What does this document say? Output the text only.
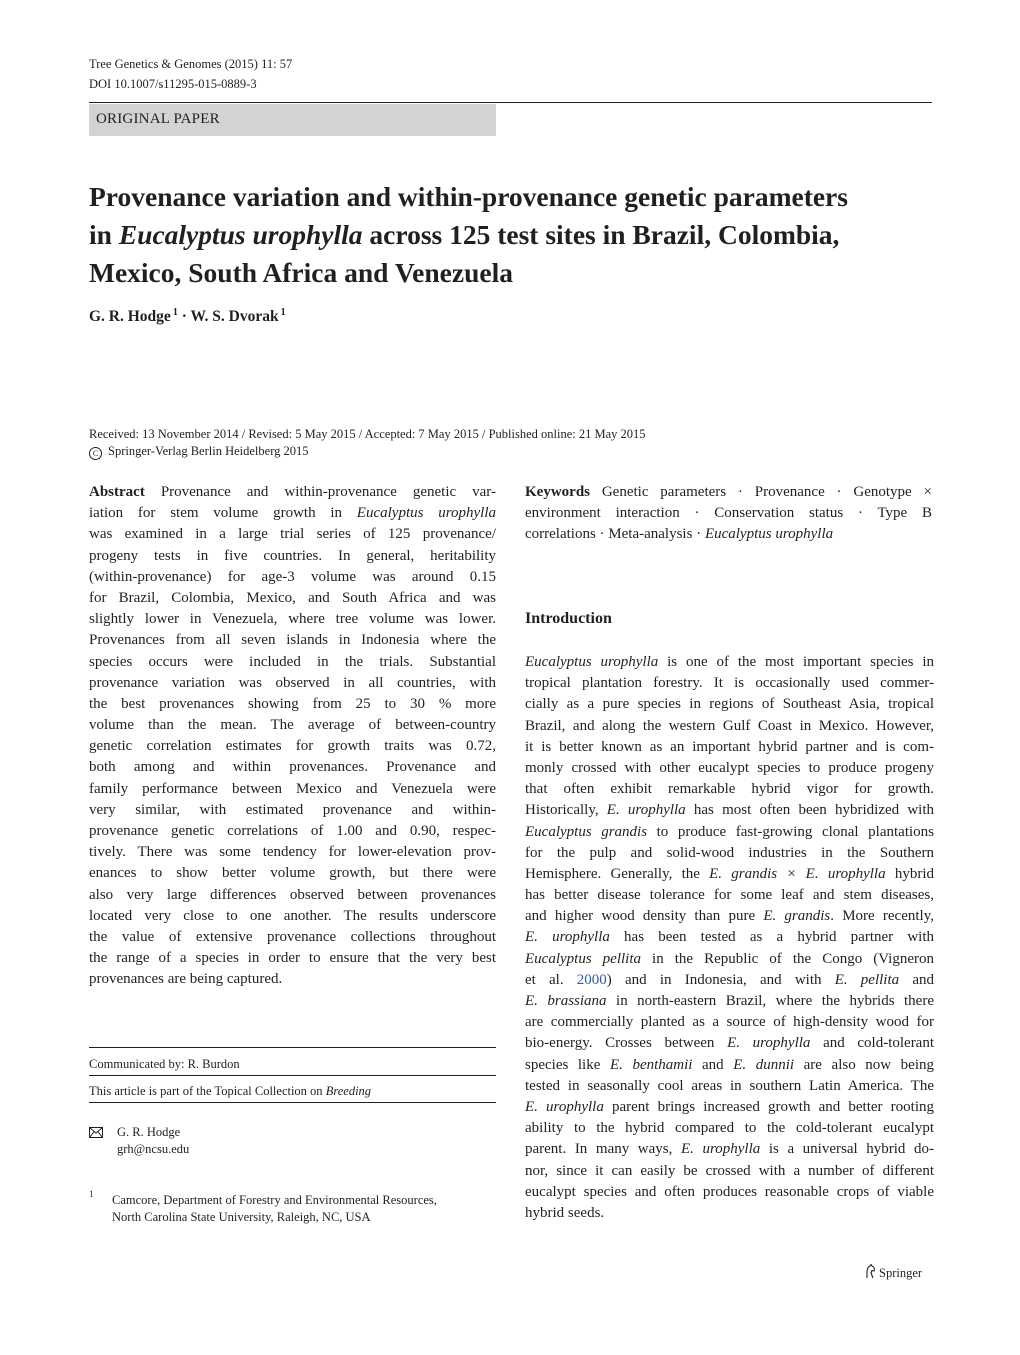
Tree Genetics & Genomes (2015) 11: 57
DOI 10.1007/s11295-015-0889-3
ORIGINAL PAPER
Provenance variation and within-provenance genetic parameters
in Eucalyptus urophylla across 125 test sites in Brazil, Colombia,
Mexico, South Africa and Venezuela
G. R. Hodge $^1$ · W. S. Dvorak $^1$
Received: 13 November 2014 / Revised: 5 May 2015 / Accepted: 7 May 2015 / Published online: 21 May 2015
C Springer-Verlag Berlin Heidelberg 2015
Abstract Provenance and within-provenance genetic var-
iation for stem volume growth in Eucalyptus urophylla
was examined in a large trial series of 125 provenance/
progeny tests in five countries. In general, heritability
(within-provenance) for age-3 volume was around 0.15
for Brazil, Colombia, Mexico, and South Africa and was
slightly lower in Venezuela, where tree volume was lower.
Provenances from all seven islands in Indonesia where the
species occurs were included in the trials. Substantial
provenance variation was observed in all countries, with
the best provenances showing from 25 to 30 % more
volume than the mean. The average of between-country
genetic correlation estimates for growth traits was 0.72,
both among and within provenances. Provenance and
family performance between Mexico and Venezuela were
very similar, with estimated provenance and within-
provenance genetic correlations of 1.00 and 0.90, respec-
tively. There was some tendency for lower-elevation prov-
enances to show better volume growth, but there were
also very large differences observed between provenances
located very close to one another. The results underscore
the value of extensive provenance collections throughout
the range of a species in order to ensure that the very best
provenances are being captured.
Keywords Genetic parameters · Provenance · Genotype ×
environment interaction · Conservation status · Type B
correlations · Meta-analysis · Eucalyptus urophylla
Introduction
Eucalyptus urophylla is one of the most important species in
tropical plantation forestry. It is occasionally used commer-
cially as a pure species in regions of Southeast Asia, tropical
Brazil, and along the western Gulf Coast in Mexico. However,
it is better known as an important hybrid partner and is com-
monly crossed with other eucalypt species to produce progeny
that often exhibit remarkable hybrid vigor for growth.
Historically, E. urophylla has most often been hybridized with
Eucalyptus grandis to produce fast-growing clonal plantations
for the pulp and solid-wood industries in the Southern
Hemisphere. Generally, the E. grandis × E. urophylla hybrid
has better disease tolerance for some leaf and stem diseases,
and higher wood density than pure E. grandis. More recently,
E. urophylla has been tested as a hybrid partner with
Eucalyptus pellita in the Republic of the Congo (Vigneron
et al. 2000) and in Indonesia, and with E. pellita and
E. brassiana in north-eastern Brazil, where the hybrids there
are commercially planted as a source of high-density wood for
bio-energy. Crosses between E. urophylla and cold-tolerant
species like E. benthamii and E. dunnii are also now being
tested in seasonally cool areas in southern Latin America. The
E. urophylla parent brings increased growth and better rooting
ability to the hybrid compared to the cold-tolerant eucalypt
parent. In many ways, E. urophylla is a universal hybrid do-
nor, since it can easily be crossed with a number of different
eucalypt species and often produces reasonable crops of viable
hybrid seeds.
Communicated by: R. Burdon
This article is part of the Topical Collection on Breeding
G. R. Hodge
grh@ncsu.edu
1 Camcore, Department of Forestry and Environmental Resources,
North Carolina State University, Raleigh, NC, USA
Springer
